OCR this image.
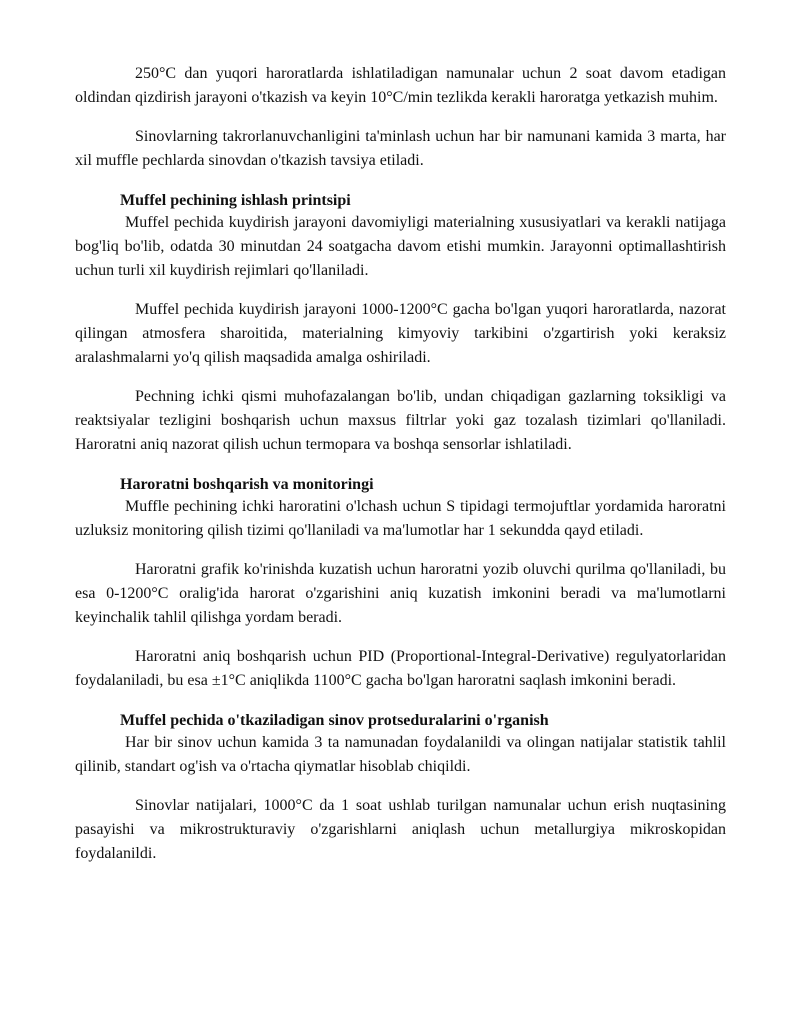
250°C dan yuqori haroratlarda ishlatiladigan namunalar uchun 2 soat davom etadigan oldindan qizdirish jarayoni o'tkazish va keyin 10°C/min tezlikda kerakli haroratga yetkazish muhim.

Sinovlarning takrorlanuvchanligini ta'minlash uchun har bir namunani kamida 3 marta, har xil muffle pechlarda sinovdan o'tkazish tavsiya etiladi.

Muffel pechining ishlash printsipi

Muffel pechida kuydirish jarayoni davomiyligi materialning xususiyatlari va kerakli natijaga bog'liq bo'lib, odatda 30 minutdan 24 soatgacha davom etishi mumkin. Jarayonni optimallashtirish uchun turli xil kuydirish rejimlari qo'llaniladi.

Muffel pechida kuydirish jarayoni 1000-1200°C gacha bo'lgan yuqori haroratlarda, nazorat qilingan atmosfera sharoitida, materialning kimyoviy tarkibini o'zgartirish yoki keraksiz aralashmalarni yo'q qilish maqsadida amalga oshiriladi.

Pechning ichki qismi muhofazalangan bo'lib, undan chiqadigan gazlarning toksikligi va reaktsiyalar tezligini boshqarish uchun maxsus filtrlar yoki gaz tozalash tizimlari qo'llaniladi. Haroratni aniq nazorat qilish uchun termopara va boshqa sensorlar ishlatiladi.

Haroratni boshqarish va monitoringi

Muffle pechining ichki haroratini o'lchash uchun S tipidagi termojuftlar yordamida haroratni uzluksiz monitoring qilish tizimi qo'llaniladi va ma'lumotlar har 1 sekundda qayd etiladi.

Haroratni grafik ko'rinishda kuzatish uchun haroratni yozib oluvchi qurilma qo'llaniladi, bu esa 0-1200°C oralig'ida harorat o'zgarishini aniq kuzatish imkonini beradi va ma'lumotlarni keyinchalik tahlil qilishga yordam beradi.

Haroratni aniq boshqarish uchun PID (Proportional-Integral-Derivative) regulyatorlaridan foydalaniladi, bu esa ±1°C aniqlikda 1100°C gacha bo'lgan haroratni saqlash imkonini beradi.

Muffel pechida o'tkaziladigan sinov protseduralarini o'rganish

Har bir sinov uchun kamida 3 ta namunadan foydalanildi va olingan natijalar statistik tahlil qilinib, standart og'ish va o'rtacha qiymatlar hisoblab chiqildi.

Sinovlar natijalari, 1000°C da 1 soat ushlab turilgan namunalar uchun erish nuqtasining pasayishi va mikrostrukturaviy o'zgarishlarni aniqlash uchun metallurgiya mikroskopidan foydalanildi.
